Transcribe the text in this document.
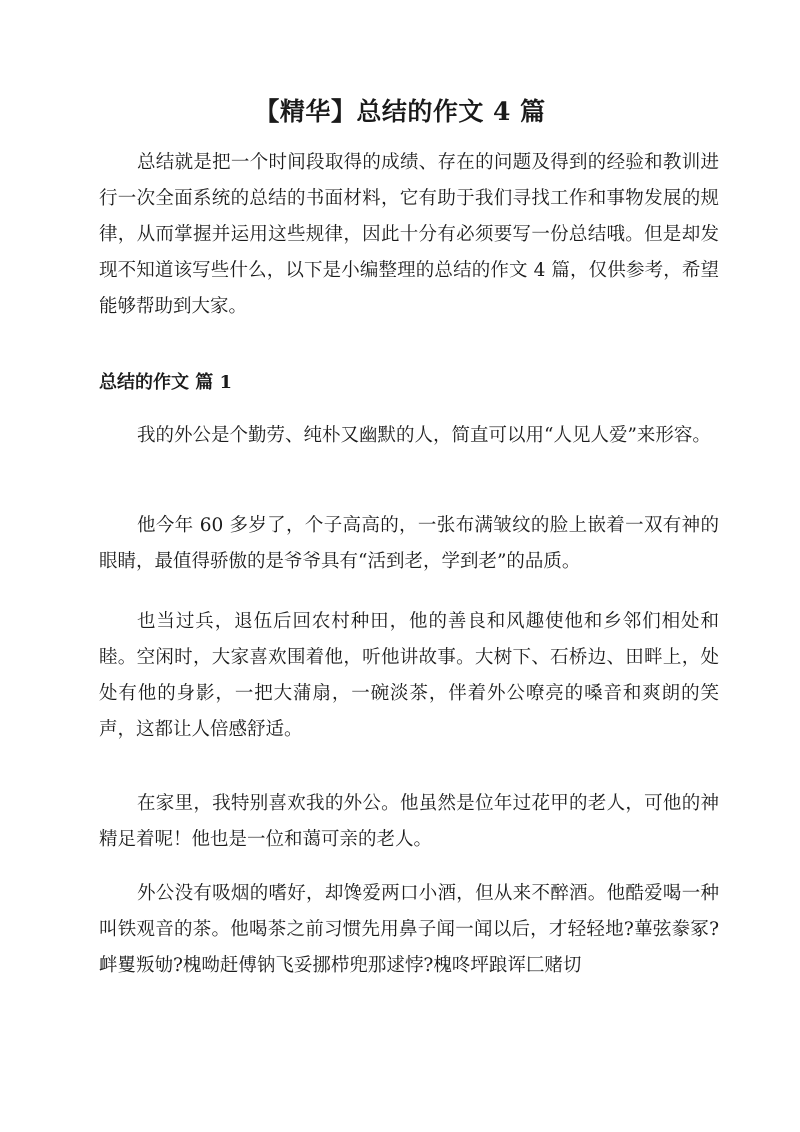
【精华】总结的作文 4 篇
总结就是把一个时间段取得的成绩、存在的问题及得到的经验和教训进行一次全面系统的总结的书面材料，它有助于我们寻找工作和事物发展的规律，从而掌握并运用这些规律，因此十分有必须要写一份总结哦。但是却发现不知道该写些什么，以下是小编整理的总结的作文 4 篇，仅供参考，希望能够帮助到大家。
总结的作文 篇 1
我的外公是个勤劳、纯朴又幽默的人，简直可以用“人见人爱”来形容。
他今年 60 多岁了，个子高高的，一张布满皱纹的脸上嵌着一双有神的眼睛，最值得骄傲的是爷爷具有“活到老，学到老”的品质。
也当过兵，退伍后回农村种田，他的善良和风趣使他和乡邻们相处和睦。空闲时，大家喜欢围着他，听他讲故事。大树下、石桥边、田畔上，处处有他的身影，一把大蒲扇，一碗淡茶，伴着外公嘹亮的嗓音和爽朗的笑声，这都让人倍感舒适。
在家里，我特别喜欢我的外公。他虽然是位年过花甲的老人，可他的神精足着呢！他也是一位和蔼可亲的老人。
外公没有吸烟的嗜好，却馋爱两口小酒，但从来不醉酒。他酷爱喝一种叫铁观音的茶。他喝茶之前习惯先用鼻子闻一闻以后，才轻轻地?蓽弦豢冢?衅矍叛劬?槐呦赶傅钠飞妥挪栉兜那逑悖?槐咚坪踉诨匚赌切
